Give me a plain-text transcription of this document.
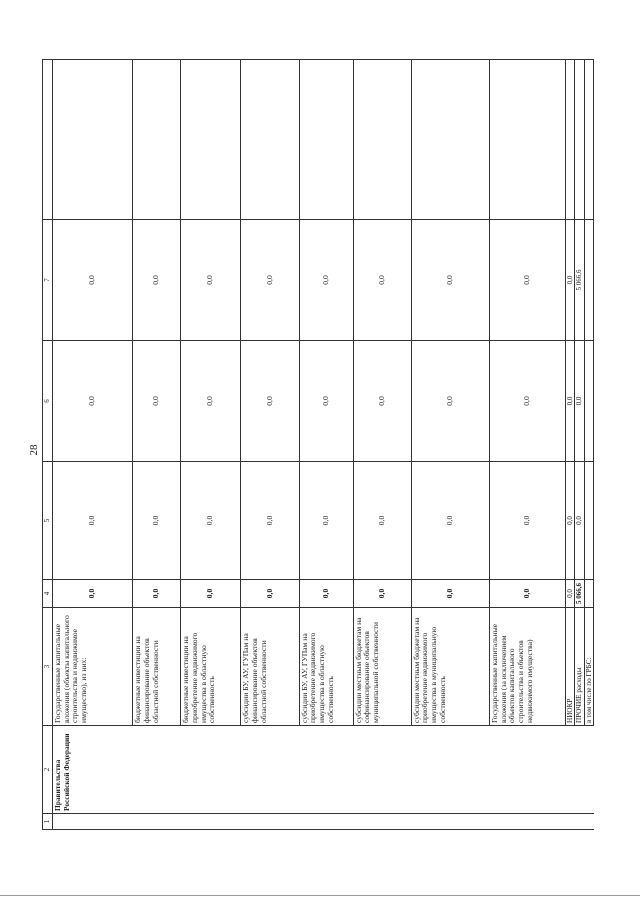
28
1	2	3	4	5	6	7	
	Правительства Российской Федерации	Государственные капитальные вложения (объекты капитального строительства и недвижимое имущество), из них:	0,0	0,0	0,0	0,0	
		бюджетные инвестиции на финансирование объектов областной собственности	0,0	0,0	0,0	0,0	
		бюджетные инвестиции на приобретение недвижимого имущества в областную собственность	0,0	0,0	0,0	0,0	
		субсидии БУ, АУ, ГУПам на финансирование объектов областной собственности	0,0	0,0	0,0	0,0	
		субсидии БУ, АУ, ГУПам на приобретение недвижимого имущества в областную собственность	0,0	0,0	0,0	0,0	
		субсидии местным бюджетам на софинансирование объектов муниципальной собственности	0,0	0,0	0,0	0,0	
		субсидии местным бюджетам на приобретение недвижимого имущества в муниципальную собственность	0,0	0,0	0,0	0,0	
		Государственные капитальные вложения (за исключением объектов капитального строительства и объектов недвижимого имущества)	0,0	0,0	0,0	0,0	
		НИОКР	0,0	0,0	0,0	0,0	
		ПРОЧИЕ расходы	5 066,6	0,0	0,0	5 066,6	
		в том числе по ГРБС:					
